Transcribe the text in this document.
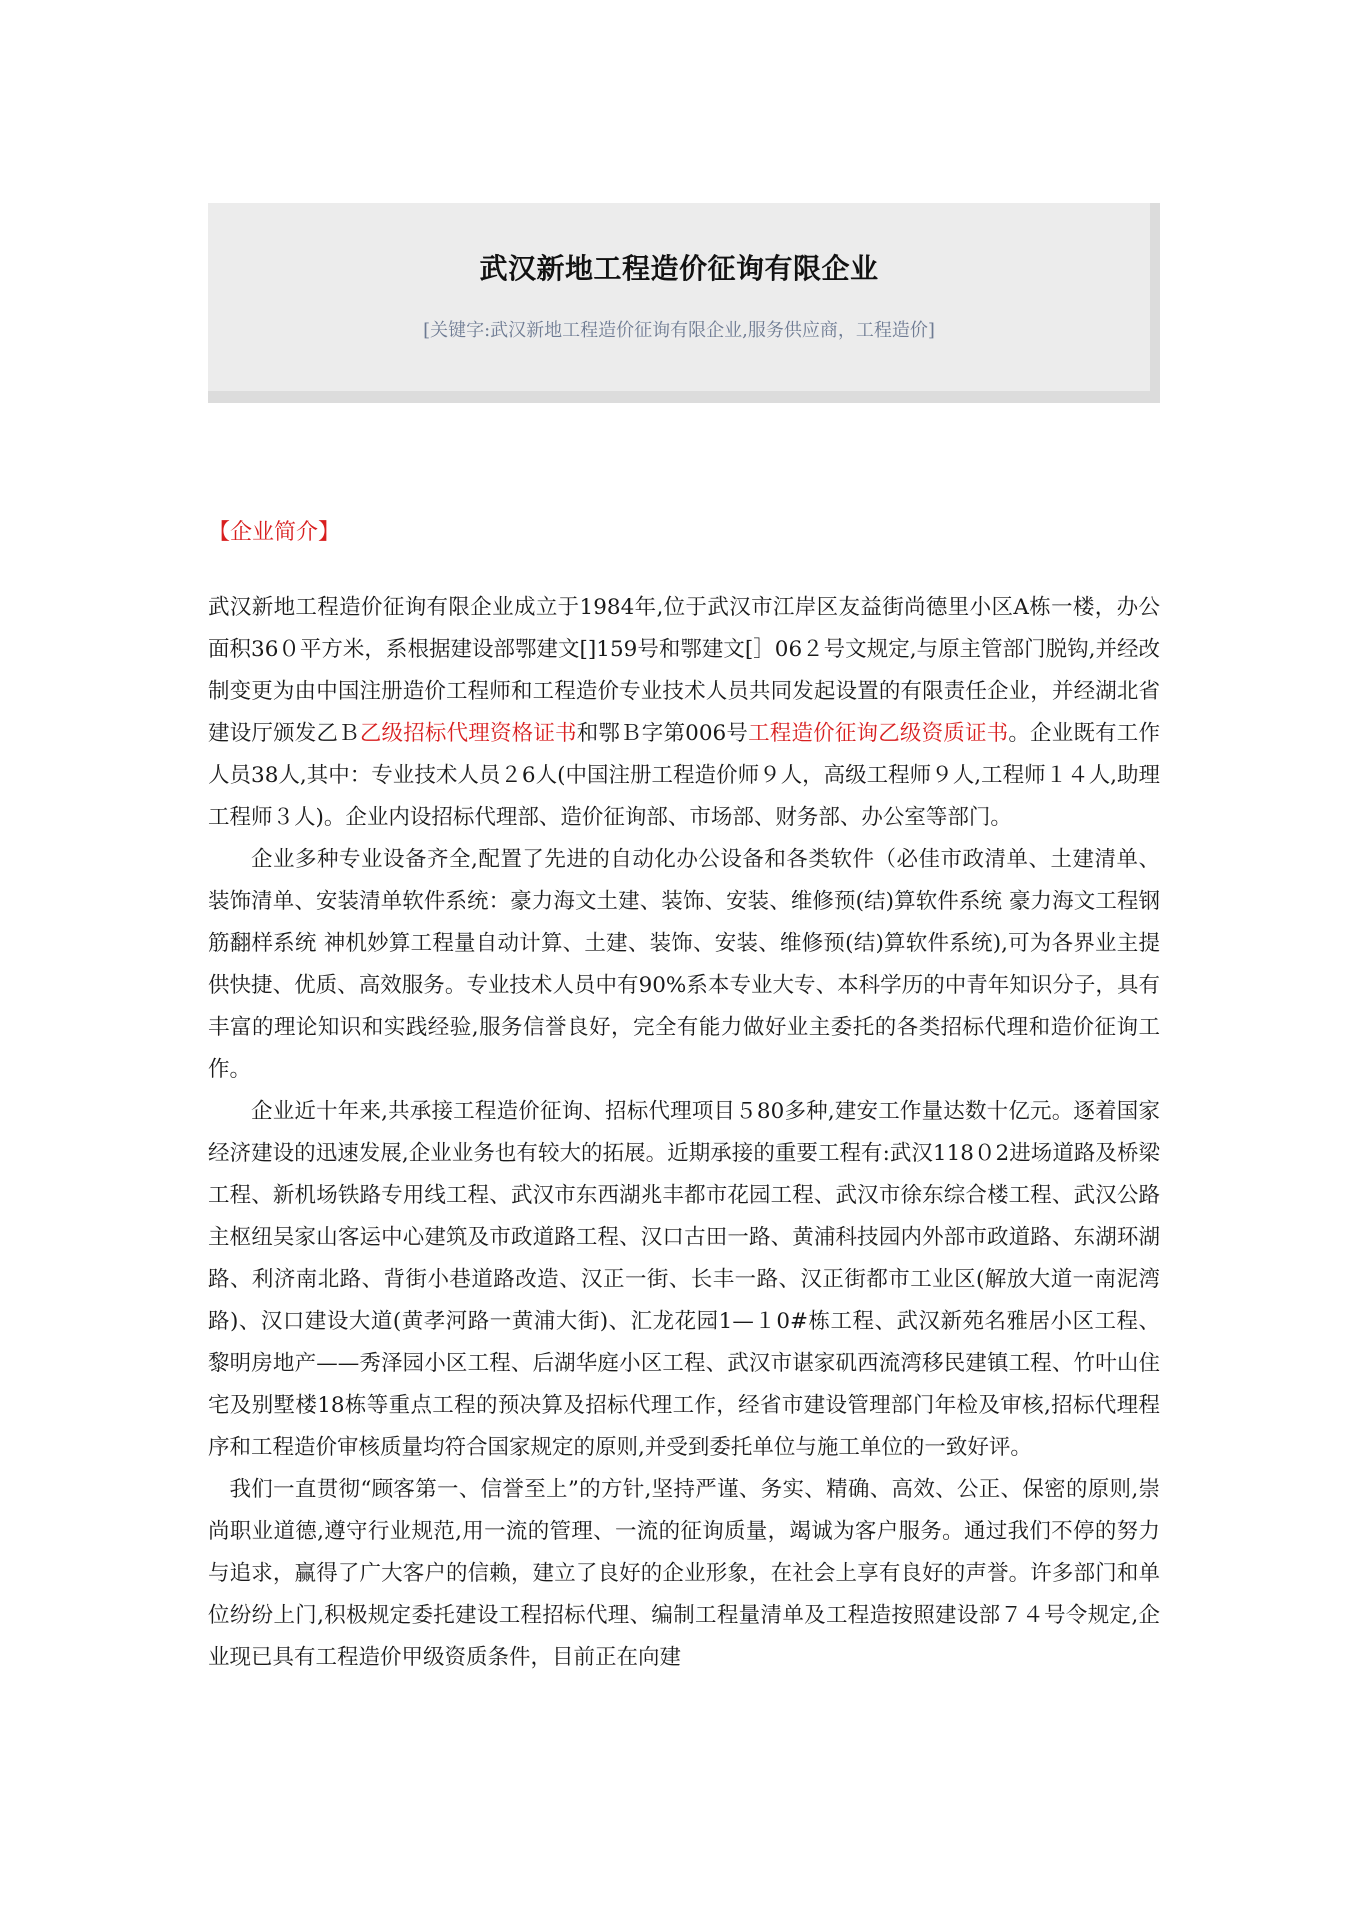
武汉新地工程造价征询有限企业
[关键字:武汉新地工程造价征询有限企业,服务供应商，工程造价]
【企业简介】

武汉新地工程造价征询有限企业成立于1984年,位于武汉市江岸区友益街尚德里小区A栋一楼，办公面积36０平方米，系根据建设部鄂建文[]159号和鄂建文[］06２号文规定,与原主管部门脱钩,并经改制变更为由中国注册造价工程师和工程造价专业技术人员共同发起设置的有限责任企业，并经湖北省建设厅颁发乙Ｂ乙级招标代理资格证书和鄂Ｂ字第006号工程造价征询乙级资质证书。企业既有工作人员38人,其中：专业技术人员２6人(中国注册工程造价师９人，高级工程师９人,工程师１４人,助理工程师３人)。企业内设招标代理部、造价征询部、市场部、财务部、办公室等部门。

企业多种专业设备齐全,配置了先进的自动化办公设备和各类软件（必佳市政清单、土建清单、装饰清单、安装清单软件系统：豪力海文土建、装饰、安装、维修预(结)算软件系统 豪力海文工程钢筋翻样系统 神机妙算工程量自动计算、土建、装饰、安装、维修预(结)算软件系统),可为各界业主提供快捷、优质、高效服务。专业技术人员中有90%系本专业大专、本科学历的中青年知识分子，具有丰富的理论知识和实践经验,服务信誉良好，完全有能力做好业主委托的各类招标代理和造价征询工作。

企业近十年来,共承接工程造价征询、招标代理项目５80多种,建安工作量达数十亿元。逐着国家经济建设的迅速发展,企业业务也有较大的拓展。近期承接的重要工程有:武汉118０2进场道路及桥梁工程、新机场铁路专用线工程、武汉市东西湖兆丰都市花园工程、武汉市徐东综合楼工程、武汉公路主枢纽吴家山客运中心建筑及市政道路工程、汉口古田一路、黄浦科技园内外部市政道路、东湖环湖路、利济南北路、背街小巷道路改造、汉正一街、长丰一路、汉正街都市工业区(解放大道一南泥湾路)、汉口建设大道(黄孝河路一黄浦大街)、汇龙花园1—１0#栋工程、武汉新苑名雅居小区工程、黎明房地产——秀泽园小区工程、后湖华庭小区工程、武汉市谌家矶西流湾移民建镇工程、竹叶山住宅及别墅楼18栋等重点工程的预决算及招标代理工作，经省市建设管理部门年检及审核,招标代理程序和工程造价审核质量均符合国家规定的原则,并受到委托单位与施工单位的一致好评。

我们一直贯彻“顾客第一、信誉至上”的方针,坚持严谨、务实、精确、高效、公正、保密的原则,崇尚职业道德,遵守行业规范,用一流的管理、一流的征询质量，竭诚为客户服务。通过我们不停的努力与追求，赢得了广大客户的信赖，建立了良好的企业形象，在社会上享有良好的声誉。许多部门和单位纷纷上门,积极规定委托建设工程招标代理、编制工程量清单及工程造按照建设部７４号令规定,企业现已具有工程造价甲级资质条件，目前正在向建
